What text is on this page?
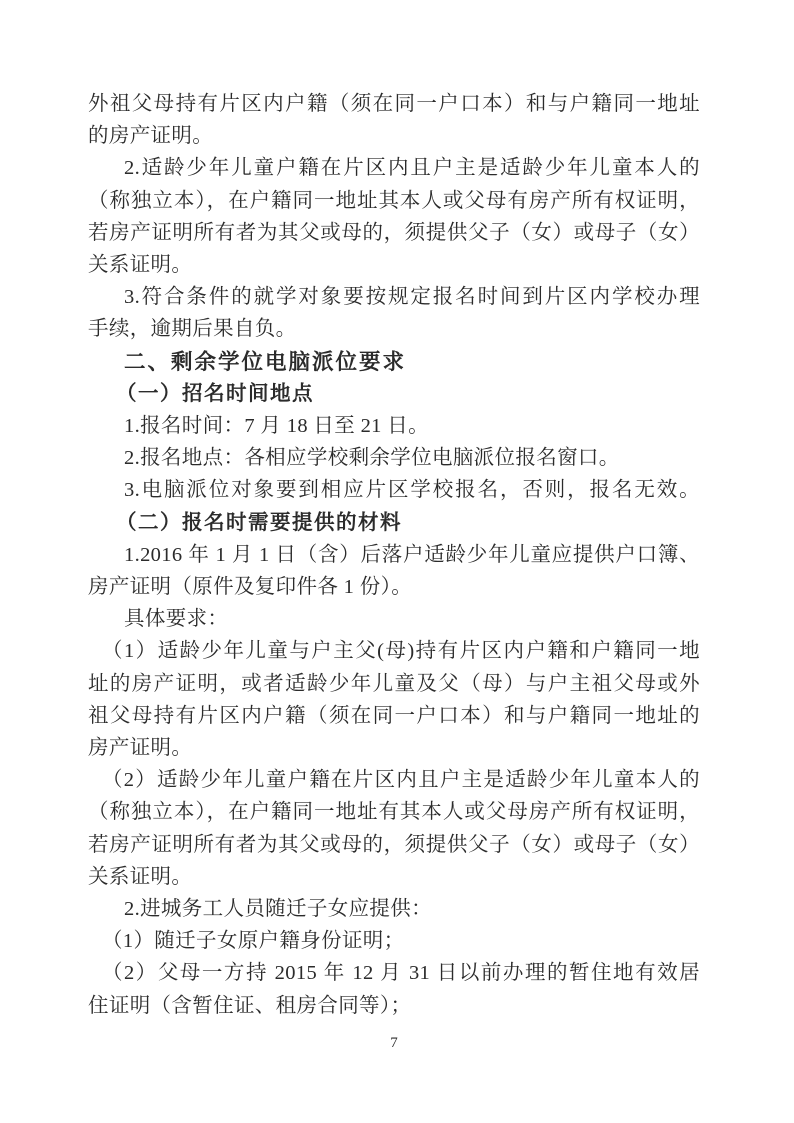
外祖父母持有片区内户籍（须在同一户口本）和与户籍同一地址
的房产证明。
2.适龄少年儿童户籍在片区内且户主是适龄少年儿童本人的
（称独立本），在户籍同一地址其本人或父母有房产所有权证明，
若房产证明所有者为其父或母的，须提供父子（女）或母子（女）
关系证明。
3.符合条件的就学对象要按规定报名时间到片区内学校办理
手续，逾期后果自负。
二、剩余学位电脑派位要求
（一）招名时间地点
1.报名时间：7 月 18 日至 21 日。
2.报名地点：各相应学校剩余学位电脑派位报名窗口。
3.电脑派位对象要到相应片区学校报名，否则，报名无效。
（二）报名时需要提供的材料
1.2016 年 1 月 1 日（含）后落户适龄少年儿童应提供户口簿、
房产证明（原件及复印件各 1 份）。
具体要求：
（1）适龄少年儿童与户主父(母)持有片区内户籍和户籍同一地
址的房产证明，或者适龄少年儿童及父（母）与户主祖父母或外
祖父母持有片区内户籍（须在同一户口本）和与户籍同一地址的
房产证明。
（2）适龄少年儿童户籍在片区内且户主是适龄少年儿童本人的
（称独立本），在户籍同一地址有其本人或父母房产所有权证明，
若房产证明所有者为其父或母的，须提供父子（女）或母子（女）
关系证明。
2.进城务工人员随迁子女应提供：
（1）随迁子女原户籍身份证明；
（2）父母一方持 2015 年 12 月 31 日以前办理的暂住地有效居
住证明（含暂住证、租房合同等）；
7
